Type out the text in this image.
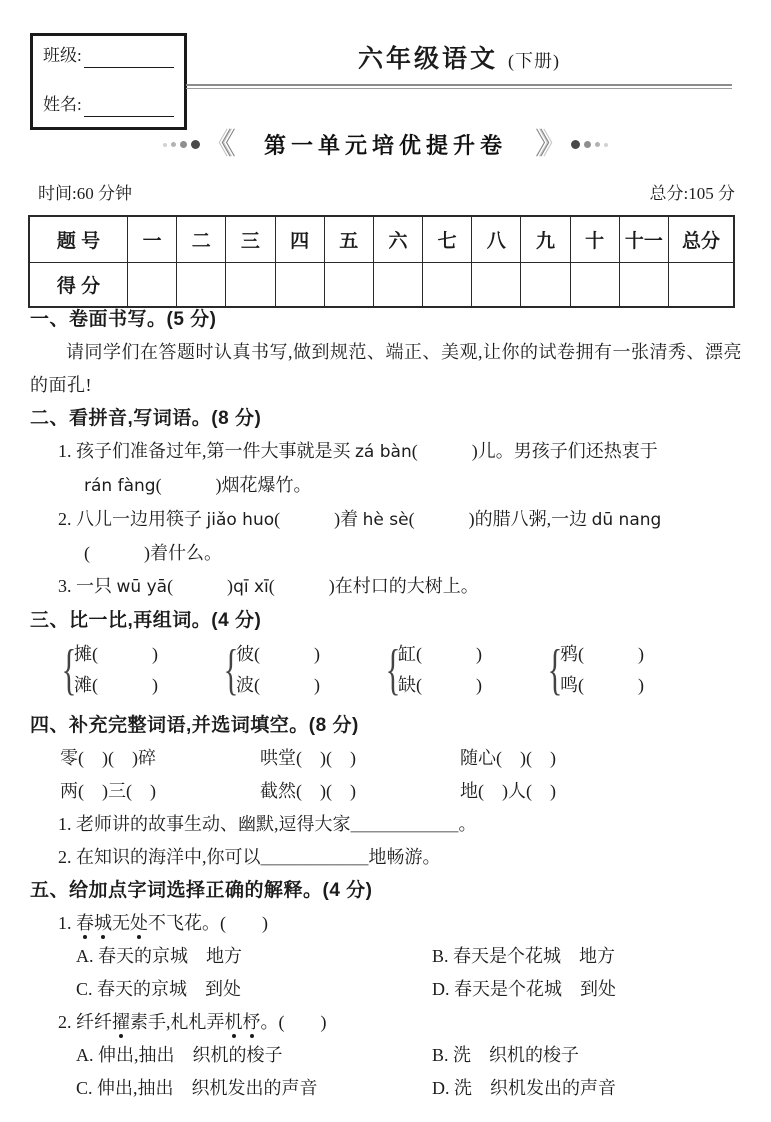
班级:
姓名:
六年级语文 (下册)
《 第一单元培优提升卷 》
时间:60 分钟	总分:105 分
题 号	一	二	三	四	五	六	七	八	九	十	十一	总分
得 分												
一、卷面书写。(5 分)
请同学们在答题时认真书写,做到规范、端正、美观,让你的试卷拥有一张清秀、漂亮的面孔!
二、看拼音,写词语。(8 分)
1. 孩子们准备过年,第一件大事就是买 zá bàn(　　　)儿。男孩子们还热衷于
rán fàng(　　　)烟花爆竹。
2. 八儿一边用筷子 jiǎo huo(　　　)着 hè sè(　　　)的腊八粥,一边 dū nang
(　　　)着什么。
3. 一只 wū yā(　　　)qī xī(　　　)在村口的大树上。
三、比一比,再组词。(4 分)
{
摊(　　　)
滩(　　　) {
彼(　　　)
波(　　　) {
缸(　　　)
缺(　　　) {
鸦(　　　)
鸣(　　　)
四、补充完整词语,并选词填空。(8 分)
零(　)(　)碎	哄堂(　)(　)	随心(　)(　)
两(　)三(　)	截然(　)(　)	地(　)人(　)
1. 老师讲的故事生动、幽默,逗得大家＿＿＿＿＿＿。
2. 在知识的海洋中,你可以＿＿＿＿＿＿地畅游。
五、给加点字词选择正确的解释。(4 分)
1. 春城无处不飞花。(　　)
A. 春天的京城　地方	B. 春天是个花城　地方
C. 春天的京城　到处	D. 春天是个花城　到处
2. 纤纤擢素手,札札弄机杼。(　　)
A. 伸出,抽出　织机的梭子	B. 洗　织机的梭子
C. 伸出,抽出　织机发出的声音	D. 洗　织机发出的声音
